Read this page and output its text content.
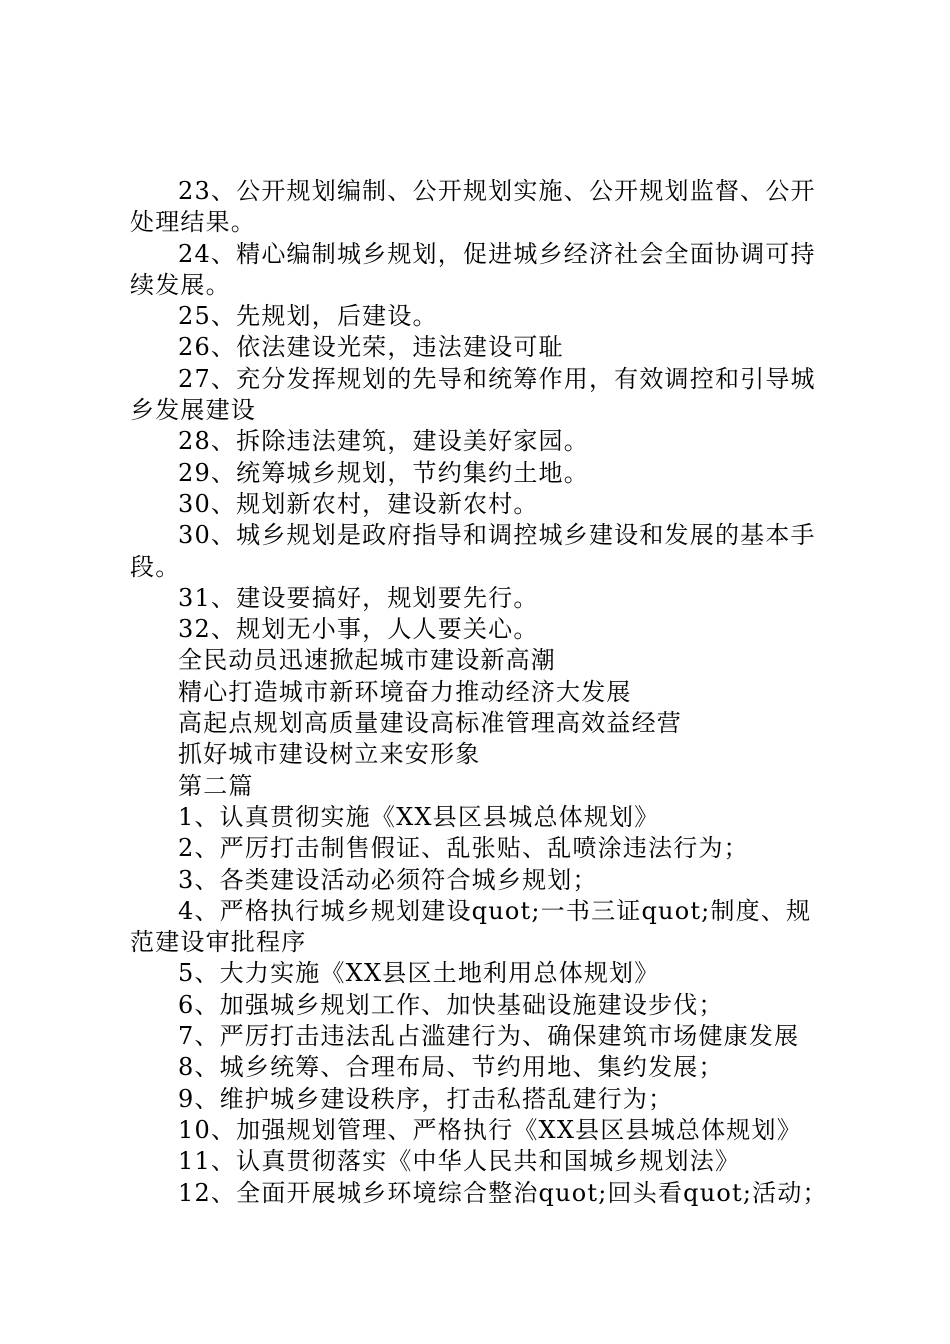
23、公开规划编制、公开规划实施、公开规划监督、公开处理结果。

24、精心编制城乡规划，促进城乡经济社会全面协调可持续发展。

25、先规划，后建设。

26、依法建设光荣，违法建设可耻

27、充分发挥规划的先导和统筹作用，有效调控和引导城乡发展建设

28、拆除违法建筑，建设美好家园。

29、统筹城乡规划，节约集约土地。

30、规划新农村，建设新农村。

30、城乡规划是政府指导和调控城乡建设和发展的基本手段。

31、建设要搞好，规划要先行。

32、规划无小事，人人要关心。

全民动员迅速掀起城市建设新高潮

精心打造城市新环境奋力推动经济大发展

高起点规划高质量建设高标准管理高效益经营

抓好城市建设树立来安形象

第二篇

1、认真贯彻实施《XX县区县城总体规划》

2、严厉打击制售假证、乱张贴、乱喷涂违法行为；

3、各类建设活动必须符合城乡规划；

4、严格执行城乡规划建设quot;一书三证quot;制度、规范建设审批程序

5、大力实施《XX县区土地利用总体规划》

6、加强城乡规划工作、加快基础设施建设步伐；

7、严厉打击违法乱占滥建行为、确保建筑市场健康发展

8、城乡统筹、合理布局、节约用地、集约发展；

9、维护城乡建设秩序，打击私搭乱建行为；

10、加强规划管理、严格执行《XX县区县城总体规划》

11、认真贯彻落实《中华人民共和国城乡规划法》

12、全面开展城乡环境综合整治quot;回头看quot;活动；
